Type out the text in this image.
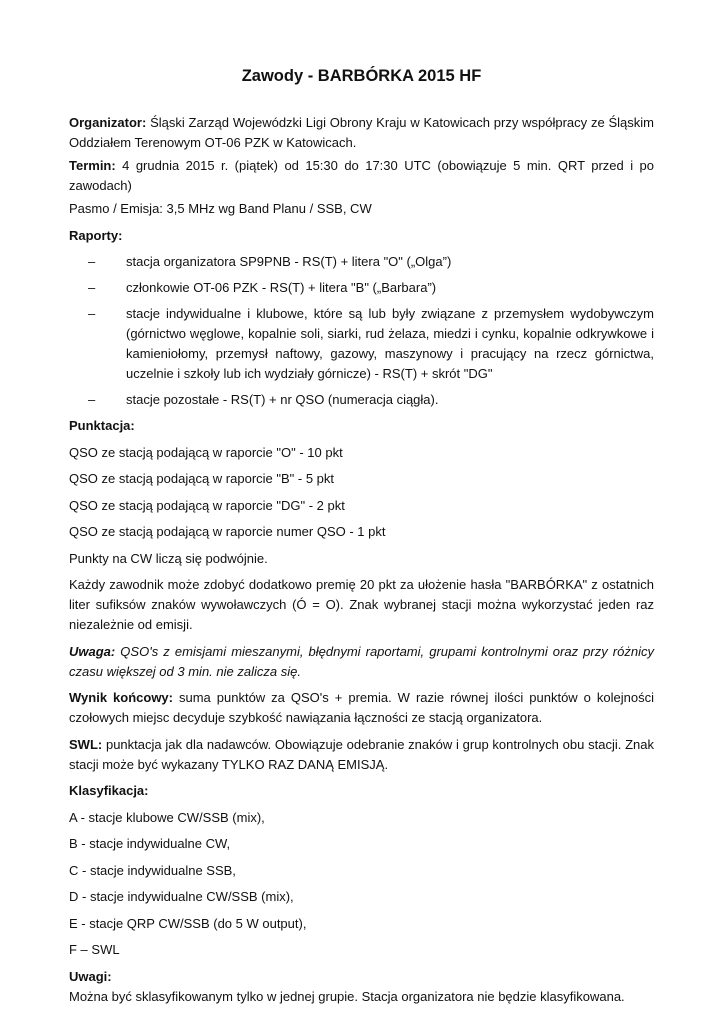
Zawody - BARBÓRKA 2015 HF

Organizator: Śląski Zarząd Wojewódzki Ligi Obrony Kraju w Katowicach przy współpracy ze Śląskim Oddziałem Terenowym OT-06 PZK w Katowicach.

Termin: 4 grudnia 2015 r. (piątek) od 15:30 do 17:30 UTC (obowiązuje 5 min. QRT przed i po zawodach)

Pasmo / Emisja: 3,5 MHz wg Band Planu / SSB, CW

Raporty:

– stacja organizatora SP9PNB - RS(T) + litera "O" („Olga”)
– członkowie OT-06 PZK - RS(T) + litera "B" („Barbara”)
– stacje indywidualne i klubowe, które są lub były związane z przemysłem wydobywczym (górnictwo węglowe, kopalnie soli, siarki, rud żelaza, miedzi i cynku, kopalnie odkrywkowe i kamieniołomy, przemysł naftowy, gazowy, maszynowy i pracujący na rzecz górnictwa, uczelnie i szkoły lub ich wydziały górnicze) - RS(T) + skrót "DG"
– stacje pozostałe - RS(T) + nr QSO (numeracja ciągła).

Punktacja:

QSO ze stacją podającą w raporcie "O" - 10 pkt

QSO ze stacją podającą w raporcie "B" - 5 pkt

QSO ze stacją podającą w raporcie "DG" - 2 pkt

QSO ze stacją podającą w raporcie numer QSO - 1 pkt

Punkty na CW liczą się podwójnie.

Każdy zawodnik może zdobyć dodatkowo premię 20 pkt za ułożenie hasła "BARBÓRKA" z ostatnich liter sufiksów znaków wywoławczych (Ó = O). Znak wybranej stacji można wykorzystać jeden raz niezależnie od emisji.

Uwaga: QSO's z emisjami mieszanymi, błędnymi raportami, grupami kontrolnymi oraz przy różnicy czasu większej od 3 min. nie zalicza się.

Wynik końcowy: suma punktów za QSO's + premia. W razie równej ilości punktów o kolejności czołowych miejsc decyduje szybkość nawiązania łączności ze stacją organizatora.

SWL: punktacja jak dla nadawców. Obowiązuje odebranie znaków i grup kontrolnych obu stacji. Znak stacji może być wykazany TYLKO RAZ DANĄ EMISJĄ.

Klasyfikacja:

A - stacje klubowe CW/SSB (mix),

B - stacje indywidualne CW,

C - stacje indywidualne SSB,

D - stacje indywidualne CW/SSB (mix),

E - stacje QRP CW/SSB (do 5 W output),

F – SWL

Uwagi:

Można być sklasyfikowanym tylko w jednej grupie. Stacja organizatora nie będzie klasyfikowana.
